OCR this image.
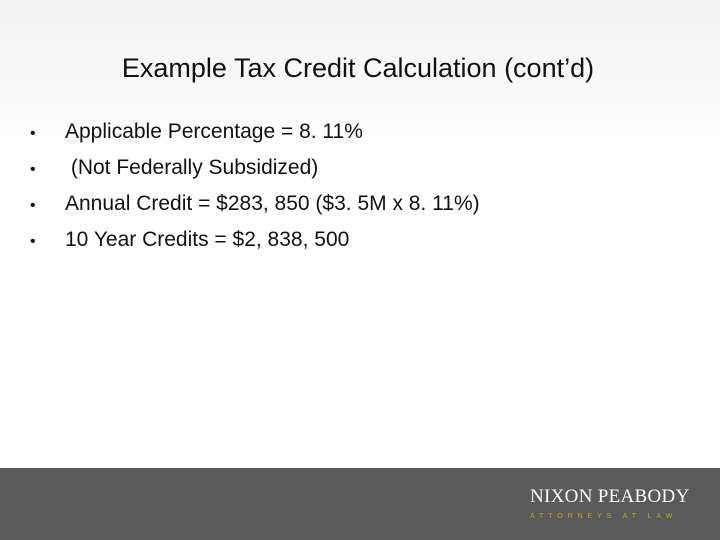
Example Tax Credit Calculation (cont’d)
•	Applicable Percentage = 8. 11%
•	(Not Federally Subsidized)
•	Annual Credit = $283, 850 ($3. 5M x 8. 11%)
•	10 Year Credits = $2, 838, 500
NIXON PEABODY
ATTORNEYS AT LAW
